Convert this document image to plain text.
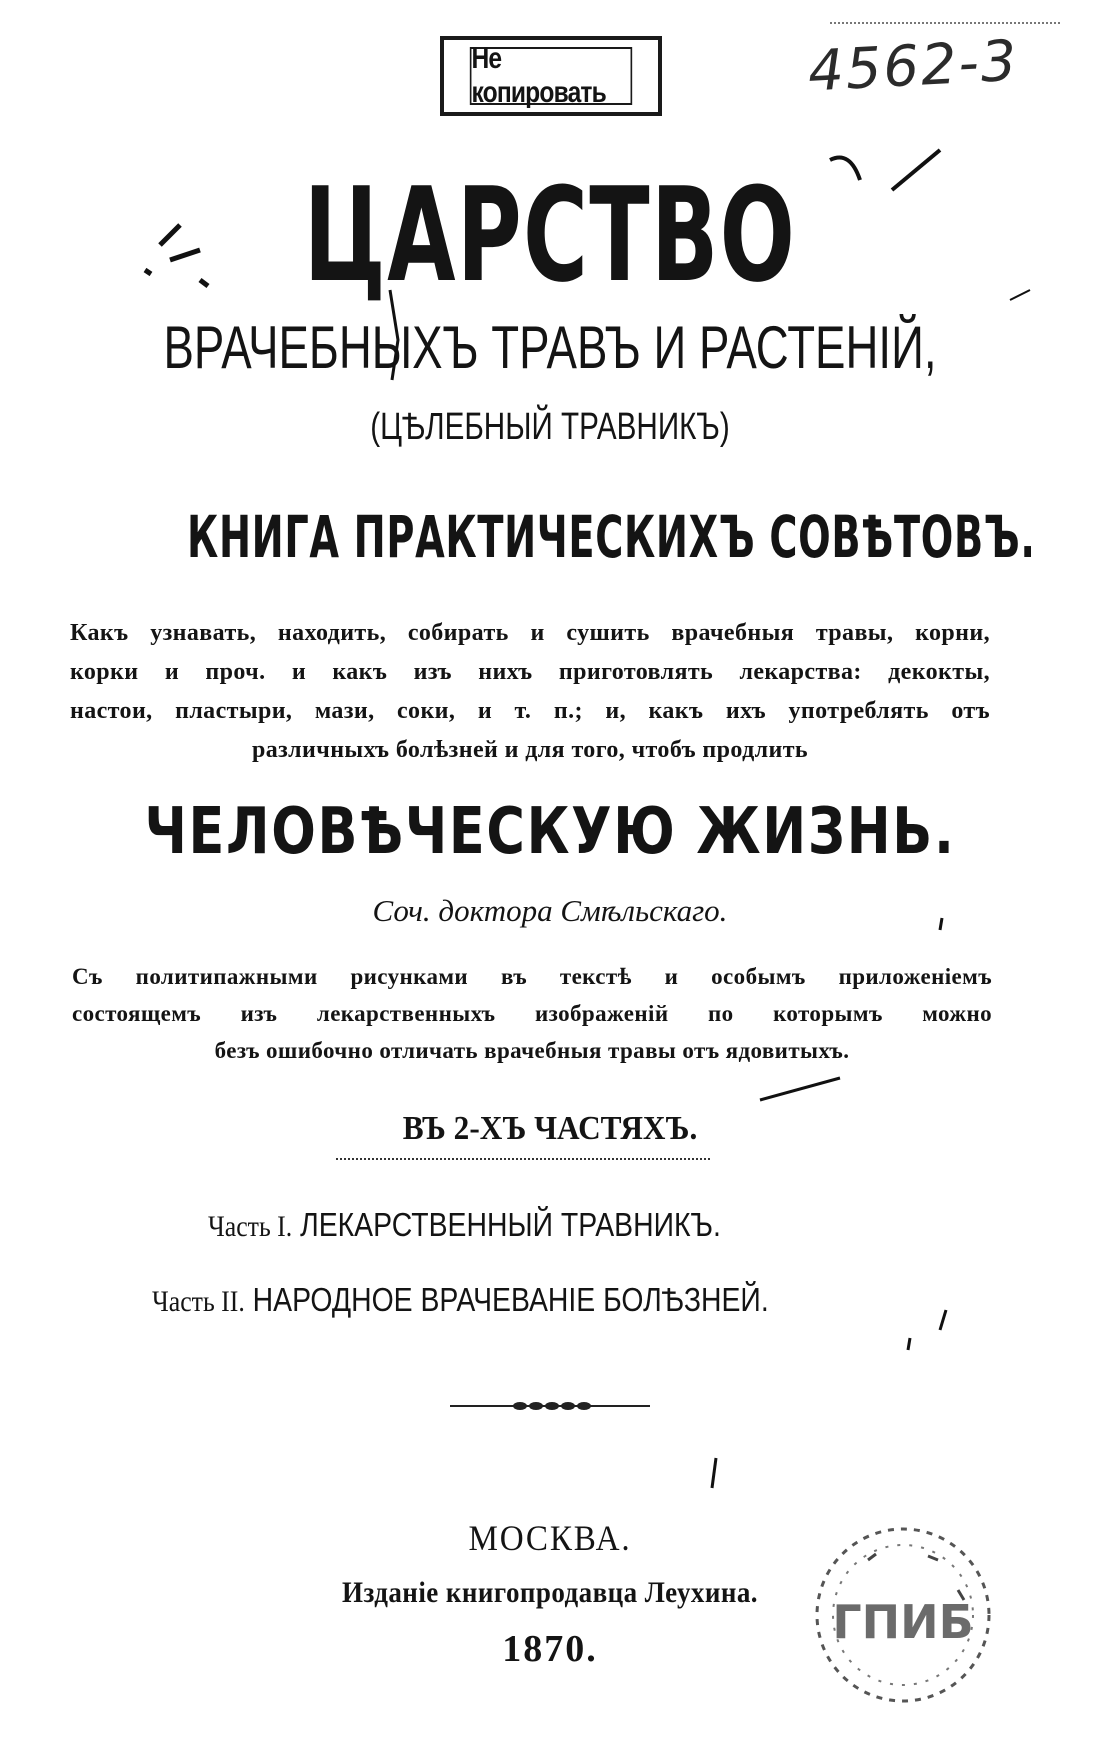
Не копировать	4562-3
ЦАРСТВО
ВРАЧЕБНЫХЪ ТРАВЪ И РАСТЕНІЙ,
(ЦѢЛЕБНЫЙ ТРАВНИКЪ)
КНИГА ПРАКТИЧЕСКИХЪ СОВѢТОВЪ.
Какъ узнавать, находить, собирать и сушить врачебныя травы, корни,
корки и проч. и какъ изъ нихъ приготовлять лекарства: декокты,
настои, пластыри, мази, соки, и т. п.; и, какъ ихъ употреблять отъ
различныхъ болѣзней и для того, чтобъ продлить
ЧЕЛОВѢЧЕСКУЮ ЖИЗНЬ.
Соч. доктора Смѣльскаго.
Съ политипажными рисунками въ текстѣ и особымъ приложеніемъ
состоящемъ изъ лекарственныхъ изображеній по которымъ можно
безъ ошибочно отличать врачебныя травы отъ ядовитыхъ.
ВЪ 2-ХЪ ЧАСТЯХЪ.
Часть I. ЛЕКАРСТВЕННЫЙ ТРАВНИКЪ.
Часть II. НАРОДНОЕ ВРАЧЕВАНІЕ БОЛѢЗНЕЙ.
МОСКВА.
Изданіе книгопродавца Леухина.
1870.	ГПИБ
